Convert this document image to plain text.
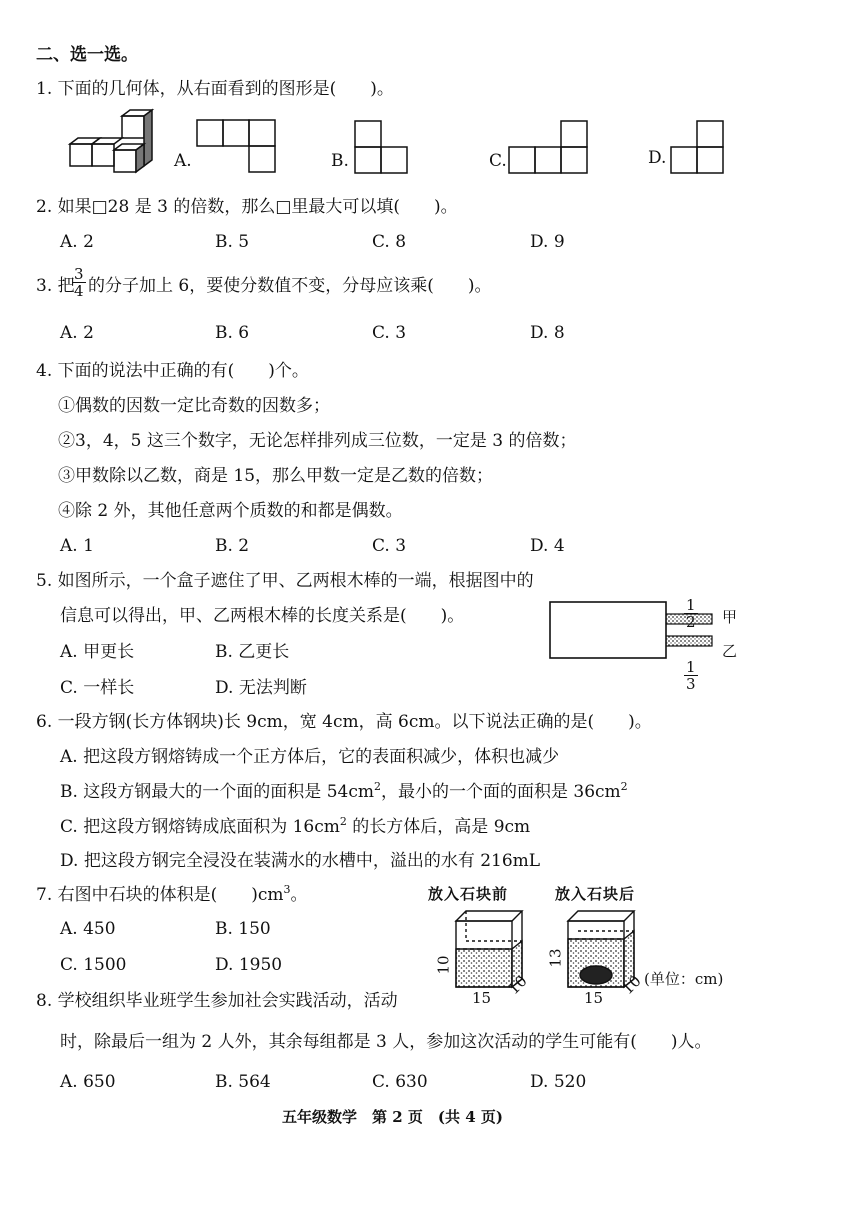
二、选一选。
1. 下面的几何体，从右面看到的图形是(　　)。
A.	B.	C.	D.
2. 如果□28 是 3 的倍数，那么□里最大可以填(　　)。
A. 2	B. 5	C. 8	D. 9
3. 把
$\frac{3}{4}$ 的分子加上 6，要使分数值不变，分母应该乘(　　)。
A. 2	B. 6	C. 3	D. 8
4. 下面的说法中正确的有(　　)个。
①偶数的因数一定比奇数的因数多；
②3，4，5 这三个数字，无论怎样排列成三位数，一定是 3 的倍数；
③甲数除以乙数，商是 15，那么甲数一定是乙数的倍数；
④除 2 外，其他任意两个质数的和都是偶数。
A. 1	B. 2	C. 3	D. 4
5. 如图所示，一个盒子遮住了甲、乙两根木棒的一端，根据图中的
信息可以得出，甲、乙两根木棒的长度关系是(　　)。
A. 甲更长	B. 乙更长
C. 一样长	D. 无法判断
$\frac{1}{2}$
$\frac{1}{3}$
甲
乙
6. 一段方钢(长方体钢块)长 9cm，宽 4cm，高 6cm。以下说法正确的是(　　)。
A. 把这段方钢熔铸成一个正方体后，它的表面积减少，体积也减少
B. 这段方钢最大的一个面的面积是 $54cm^2$，最小的一个面的面积是 $36cm^2$
C. 把这段方钢熔铸成底面积为 $16cm^2$ 的长方体后，高是 9cm
D. 把这段方钢完全浸没在装满水的水槽中，溢出的水有 216mL
7. 右图中石块的体积是(　　)$cm^3$。
A. 450	B. 150
C. 1500	D. 1950
放入石块前	放入石块后
10	13
15 10	15 10 (单位：cm)
8. 学校组织毕业班学生参加社会实践活动，活动
时，除最后一组为 2 人外，其余每组都是 3 人，参加这次活动的学生可能有(　　)人。
A. 650	B. 564	C. 630	D. 520
五年级数学　第 2 页　(共 4 页)
